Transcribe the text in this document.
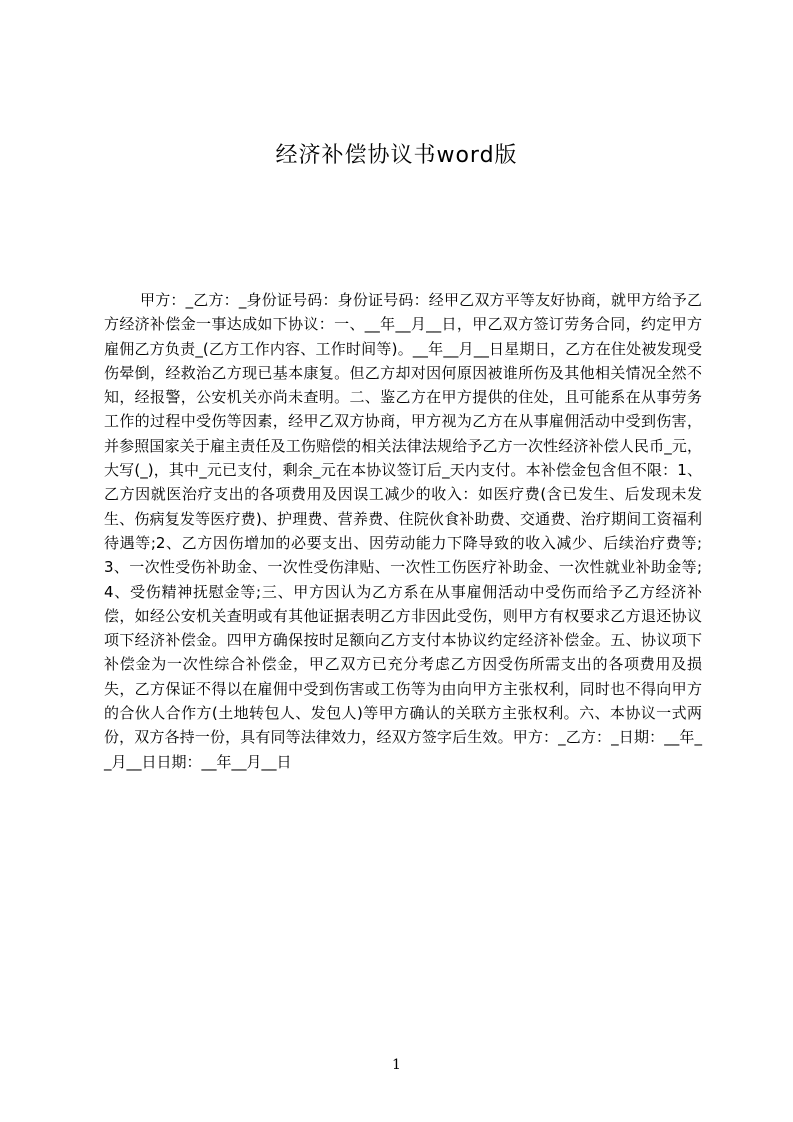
经济补偿协议书word版

甲方：_乙方：_身份证号码：身份证号码：经甲乙双方平等友好协商，就甲方给予乙方经济补偿金一事达成如下协议：一、__年__月__日，甲乙双方签订劳务合同，约定甲方雇佣乙方负责_(乙方工作内容、工作时间等)。__年__月__日星期日，乙方在住处被发现受伤晕倒，经救治乙方现已基本康复。但乙方却对因何原因被谁所伤及其他相关情况全然不知，经报警，公安机关亦尚未查明。二、鉴乙方在甲方提供的住处，且可能系在从事劳务工作的过程中受伤等因素，经甲乙双方协商，甲方视为乙方在从事雇佣活动中受到伤害，并参照国家关于雇主责任及工伤赔偿的相关法律法规给予乙方一次性经济补偿人民币_元，大写(_)，其中_元已支付，剩余_元在本协议签订后_天内支付。本补偿金包含但不限：1、乙方因就医治疗支出的各项费用及因误工减少的收入：如医疗费(含已发生、后发现未发生、伤病复发等医疗费)、护理费、营养费、住院伙食补助费、交通费、治疗期间工资福利待遇等;2、乙方因伤增加的必要支出、因劳动能力下降导致的收入减少、后续治疗费等;3、一次性受伤补助金、一次性受伤津贴、一次性工伤医疗补助金、一次性就业补助金等;4、受伤精神抚慰金等;三、甲方因认为乙方系在从事雇佣活动中受伤而给予乙方经济补偿，如经公安机关查明或有其他证据表明乙方非因此受伤，则甲方有权要求乙方退还协议项下经济补偿金。四甲方确保按时足额向乙方支付本协议约定经济补偿金。五、协议项下补偿金为一次性综合补偿金，甲乙双方已充分考虑乙方因受伤所需支出的各项费用及损失，乙方保证不得以在雇佣中受到伤害或工伤等为由向甲方主张权利，同时也不得向甲方的合伙人合作方(土地转包人、发包人)等甲方确认的关联方主张权利。六、本协议一式两份，双方各持一份，具有同等法律效力，经双方签字后生效。甲方：_乙方：_日期：__年__月__日日期：__年__月__日

1
